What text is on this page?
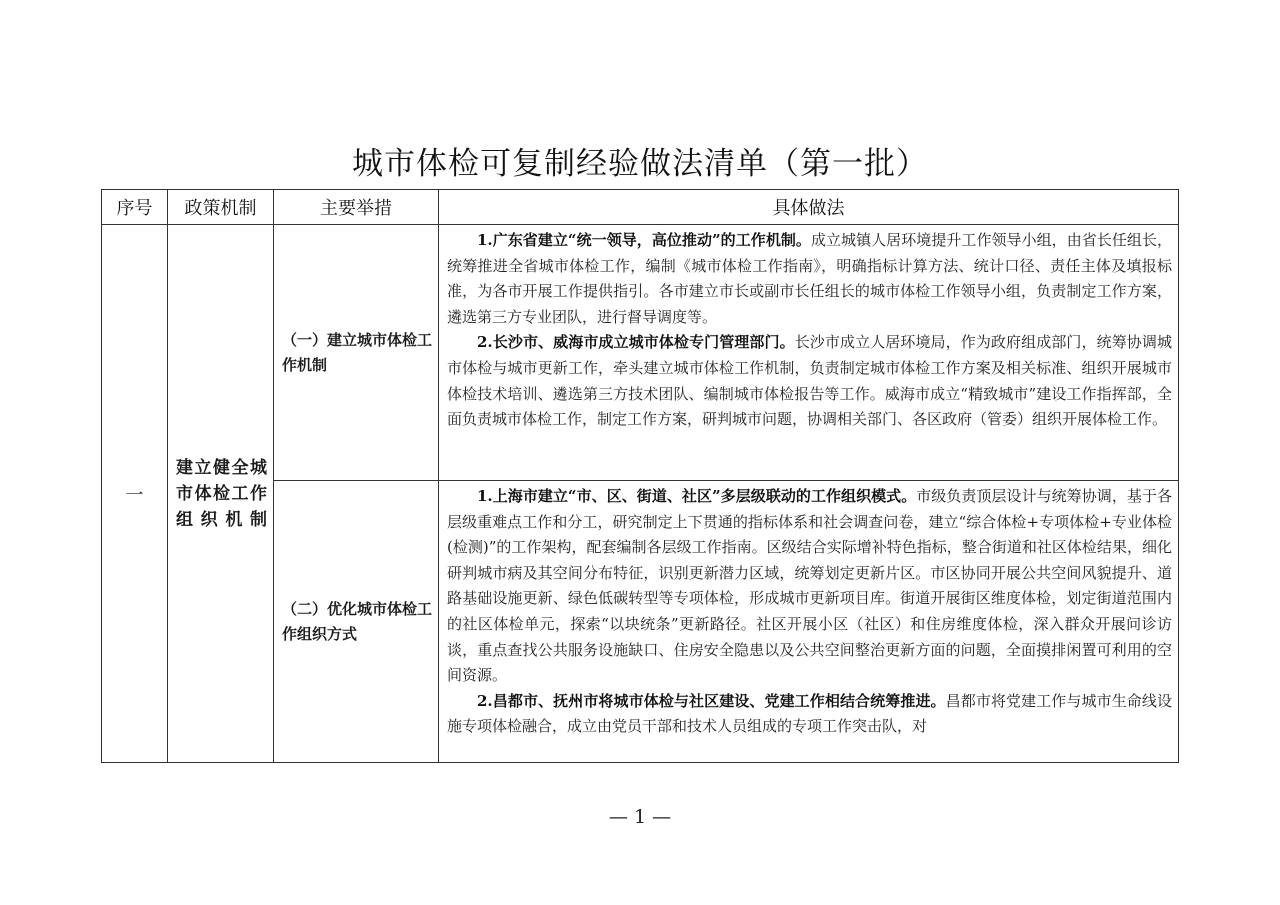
城市体检可复制经验做法清单（第一批）
序号	政策机制	主要举措	具体做法
一	建立健全城市体检工作组织机制	（一）建立城市体检工作机制	1.广东省建立“统一领导，高位推动”的工作机制。成立城镇人居环境提升工作领导小组，由省长任组长，统筹推进全省城市体检工作，编制《城市体检工作指南》，明确指标计算方法、统计口径、责任主体及填报标准，为各市开展工作提供指引。各市建立市长或副市长任组长的城市体检工作领导小组，负责制定工作方案，遴选第三方专业团队，进行督导调度等。

2.长沙市、威海市成立城市体检专门管理部门。长沙市成立人居环境局，作为政府组成部门，统筹协调城市体检与城市更新工作，牵头建立城市体检工作机制，负责制定城市体检工作方案及相关标准、组织开展城市体检技术培训、遴选第三方技术团队、编制城市体检报告等工作。威海市成立“精致城市”建设工作指挥部，全面负责城市体检工作，制定工作方案，研判城市问题，协调相关部门、各区政府（管委）组织开展体检工作。

		（二）优化城市体检工作组织方式	1.上海市建立“市、区、街道、社区”多层级联动的工作组织模式。市级负责顶层设计与统筹协调，基于各层级重难点工作和分工，研究制定上下贯通的指标体系和社会调查问卷，建立“综合体检+专项体检+专业体检(检测)”的工作架构，配套编制各层级工作指南。区级结合实际增补特色指标，整合街道和社区体检结果，细化研判城市病及其空间分布特征，识别更新潜力区域，统筹划定更新片区。市区协同开展公共空间风貌提升、道路基础设施更新、绿色低碳转型等专项体检，形成城市更新项目库。街道开展街区维度体检，划定街道范围内的社区体检单元，探索“以块统条”更新路径。社区开展小区（社区）和住房维度体检，深入群众开展问诊访谈，重点查找公共服务设施缺口、住房安全隐患以及公共空间整治更新方面的问题，全面摸排闲置可利用的空间资源。

2.昌都市、抚州市将城市体检与社区建设、党建工作相结合统筹推进。昌都市将党建工作与城市生命线设施专项体检融合，成立由党员干部和技术人员组成的专项工作突击队，对

— 1 —
